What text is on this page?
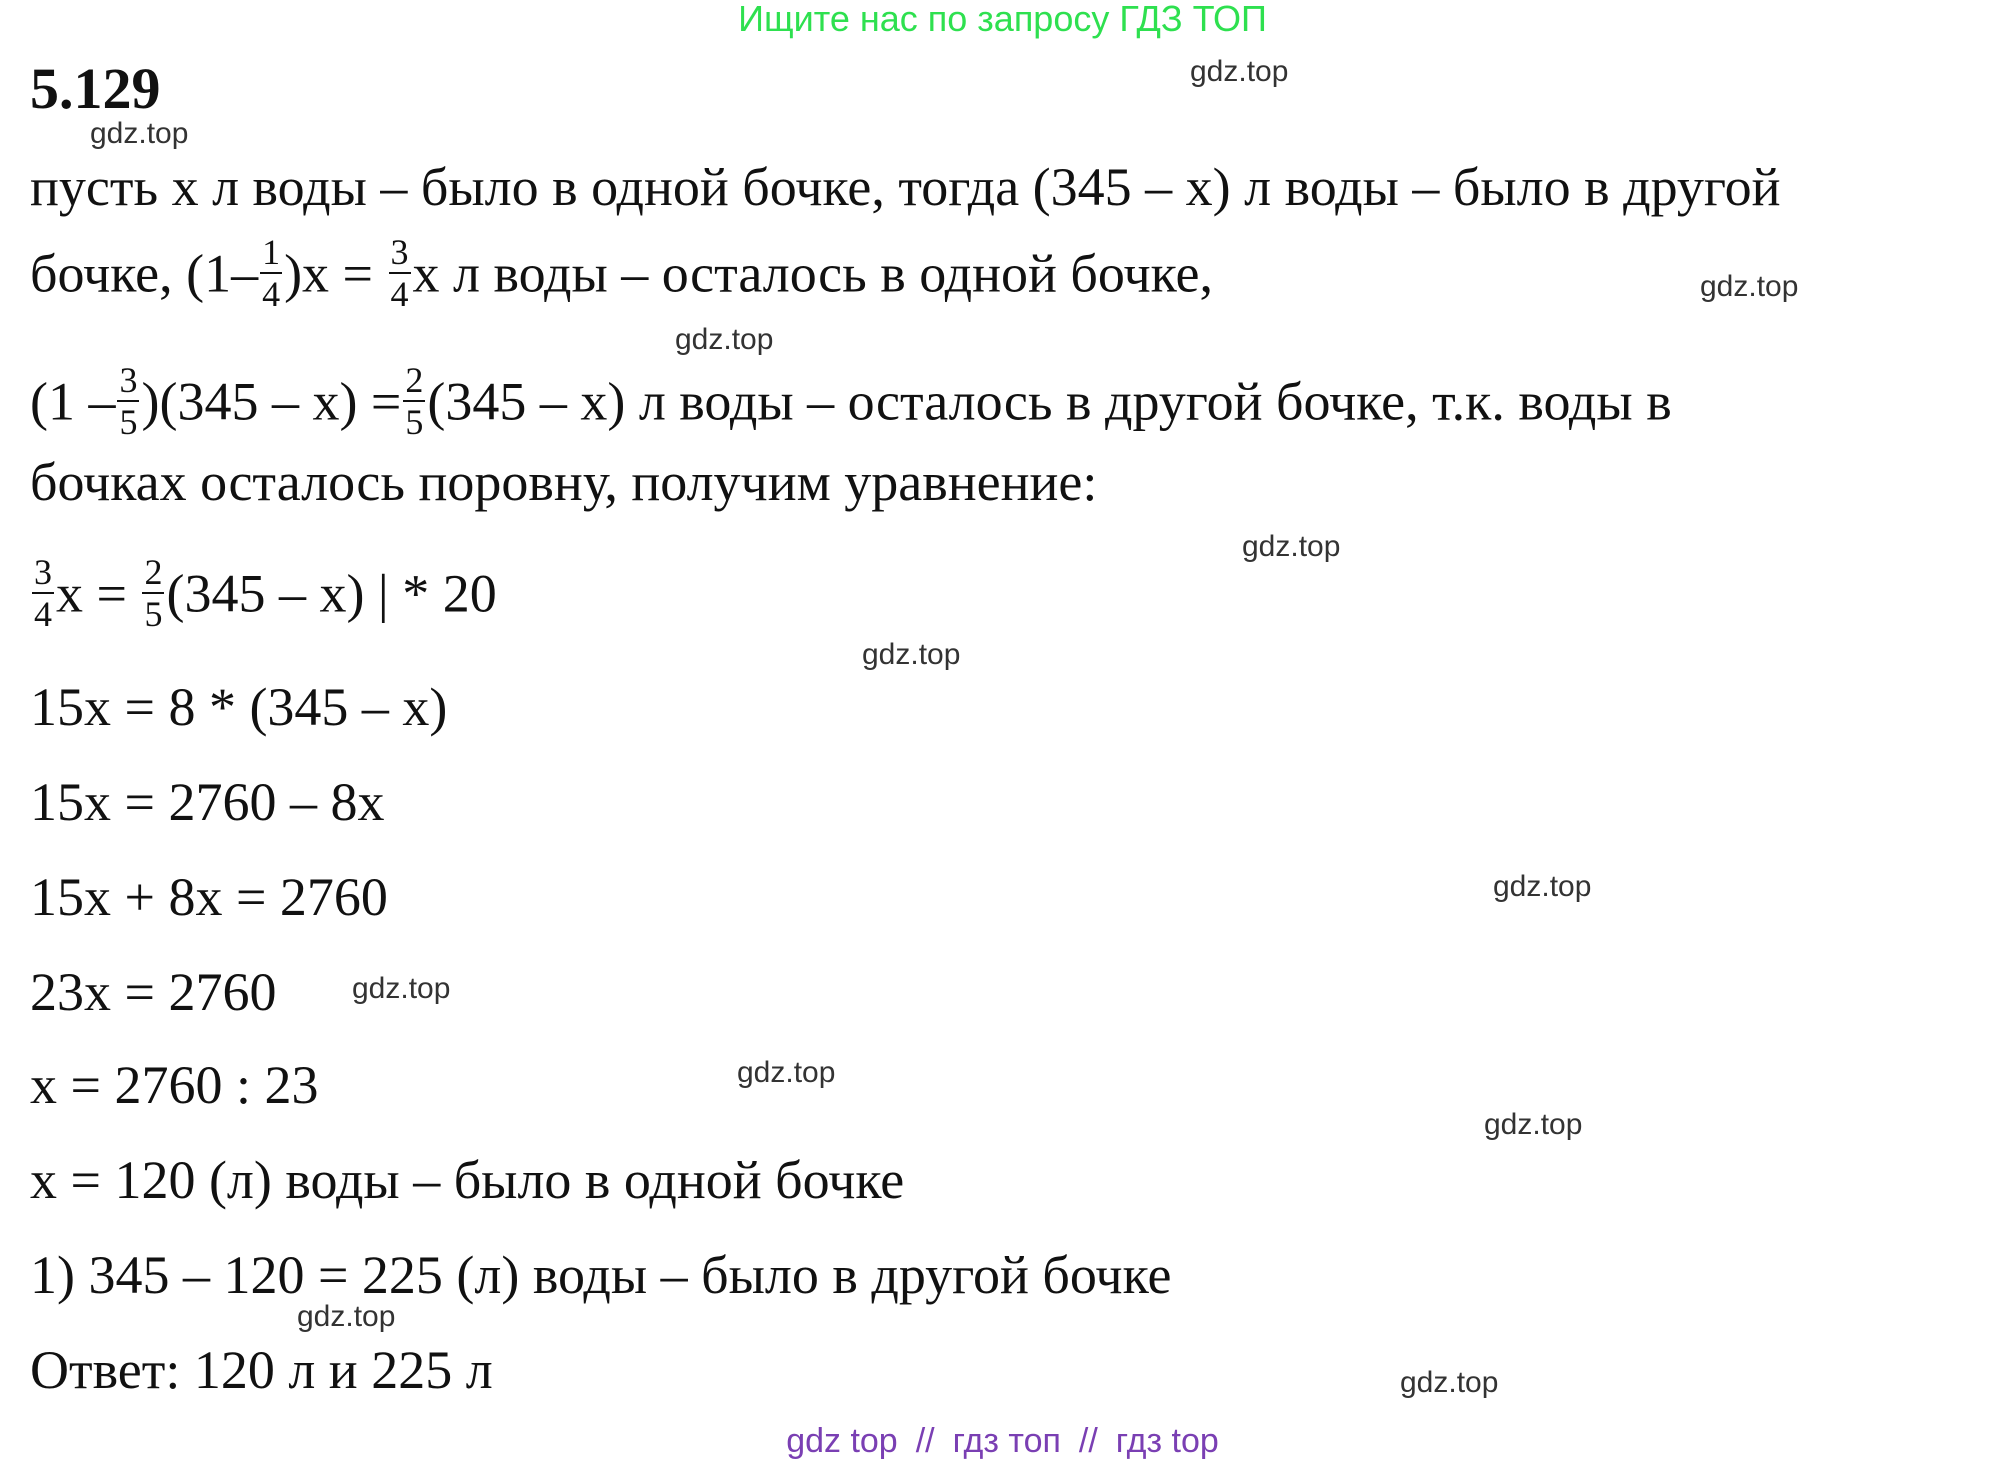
Ищите нас по запросу ГДЗ ТОП
5.129	gdz.top
gdz.top
пусть х л воды – было в одной бочке, тогда (345 – х) л воды – было в другой
бочке, $(1- \frac{1}{4} )х = \frac{3}{4}$ х л воды – осталось в одной бочке,	gdz.top
gdz.top
$(1 - \frac{3}{5} )(345 - х) = \frac{2}{5} (345 - х)$ л воды – осталось в другой бочке, т.к. воды в
бочках осталось поровну, получим уравнение:
gdz.top
$\frac{3}{4}$ $х = \frac{2}{5} (345 - х)$ | * 20
gdz.top
15х = 8 * (345 – х)
15х = 2760 – 8х
gdz.top
15х + 8х = 2760
23х = 2760	gdz.top
gdz.top
х = 2760 : 23
gdz.top
х = 120 (л) воды – было в одной бочке
1) 345 – 120 = 225 (л) воды – было в другой бочке
gdz.top
Ответ: 120 л и 225 л	gdz.top
gdz top // гдз топ // гдз top
